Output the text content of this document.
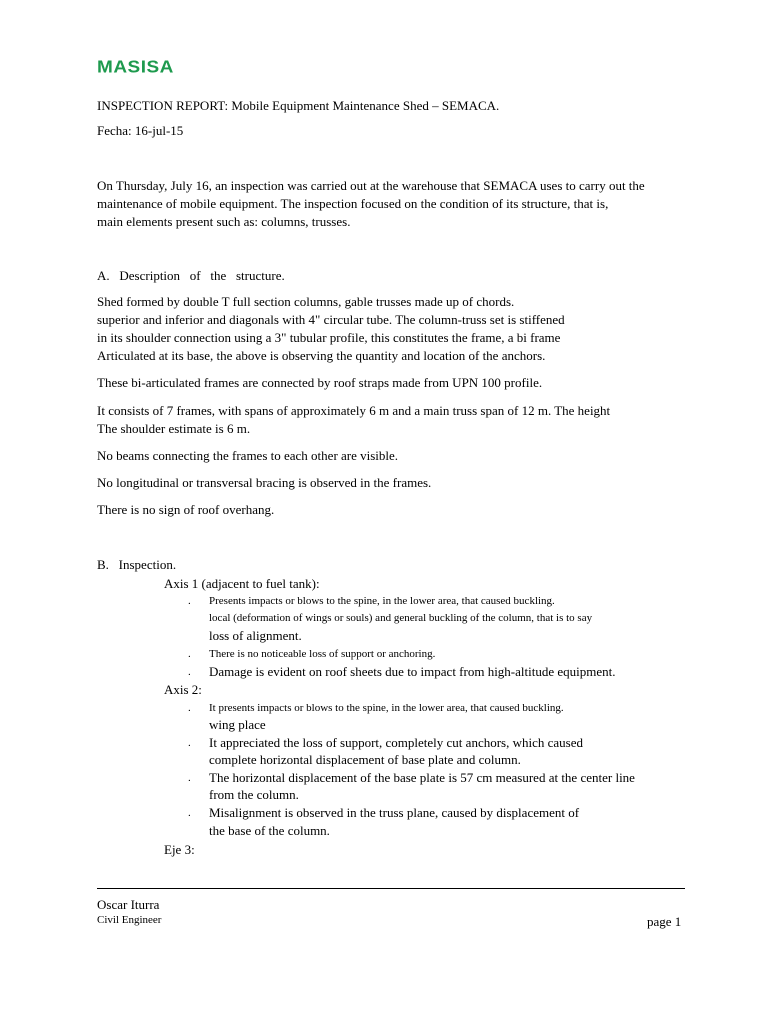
MASISA
INSPECTION REPORT: Mobile Equipment Maintenance Shed – SEMACA.
Fecha: 16-jul-15
On Thursday, July 16, an inspection was carried out at the warehouse that SEMACA uses to carry out the
maintenance of mobile equipment. The inspection focused on the condition of its structure, that is,
main elements present such as: columns, trusses.
A.   Description   of   the   structure.
Shed formed by double T full section columns, gable trusses made up of chords.
superior and inferior and diagonals with 4" circular tube. The column-truss set is stiffened
in its shoulder connection using a 3" tubular profile, this constitutes the frame, a bi frame
Articulated at its base, the above is observing the quantity and location of the anchors.
These bi-articulated frames are connected by roof straps made from UPN 100 profile.
It consists of 7 frames, with spans of approximately 6 m and a main truss span of 12 m. The height
The shoulder estimate is 6 m.
No beams connecting the frames to each other are visible.
No longitudinal or transversal bracing is observed in the frames.
There is no sign of roof overhang.
B.   Inspection.
Axis 1 (adjacent to fuel tank):
. Presents impacts or blows to the spine, in the lower area, that caused buckling.
local (deformation of wings or souls) and general buckling of the column, that is to say
loss of alignment.
. There is no noticeable loss of support or anchoring.
. Damage is evident on roof sheets due to impact from high-altitude equipment.
Axis 2:
. It presents impacts or blows to the spine, in the lower area, that caused buckling.
wing place
. It appreciated the loss of support, completely cut anchors, which caused
complete horizontal displacement of base plate and column.
. The horizontal displacement of the base plate is 57 cm measured at the center line
from the column.
. Misalignment is observed in the truss plane, caused by displacement of
the base of the column.
Eje 3:
Oscar Iturra
Civil Engineer	page 1
